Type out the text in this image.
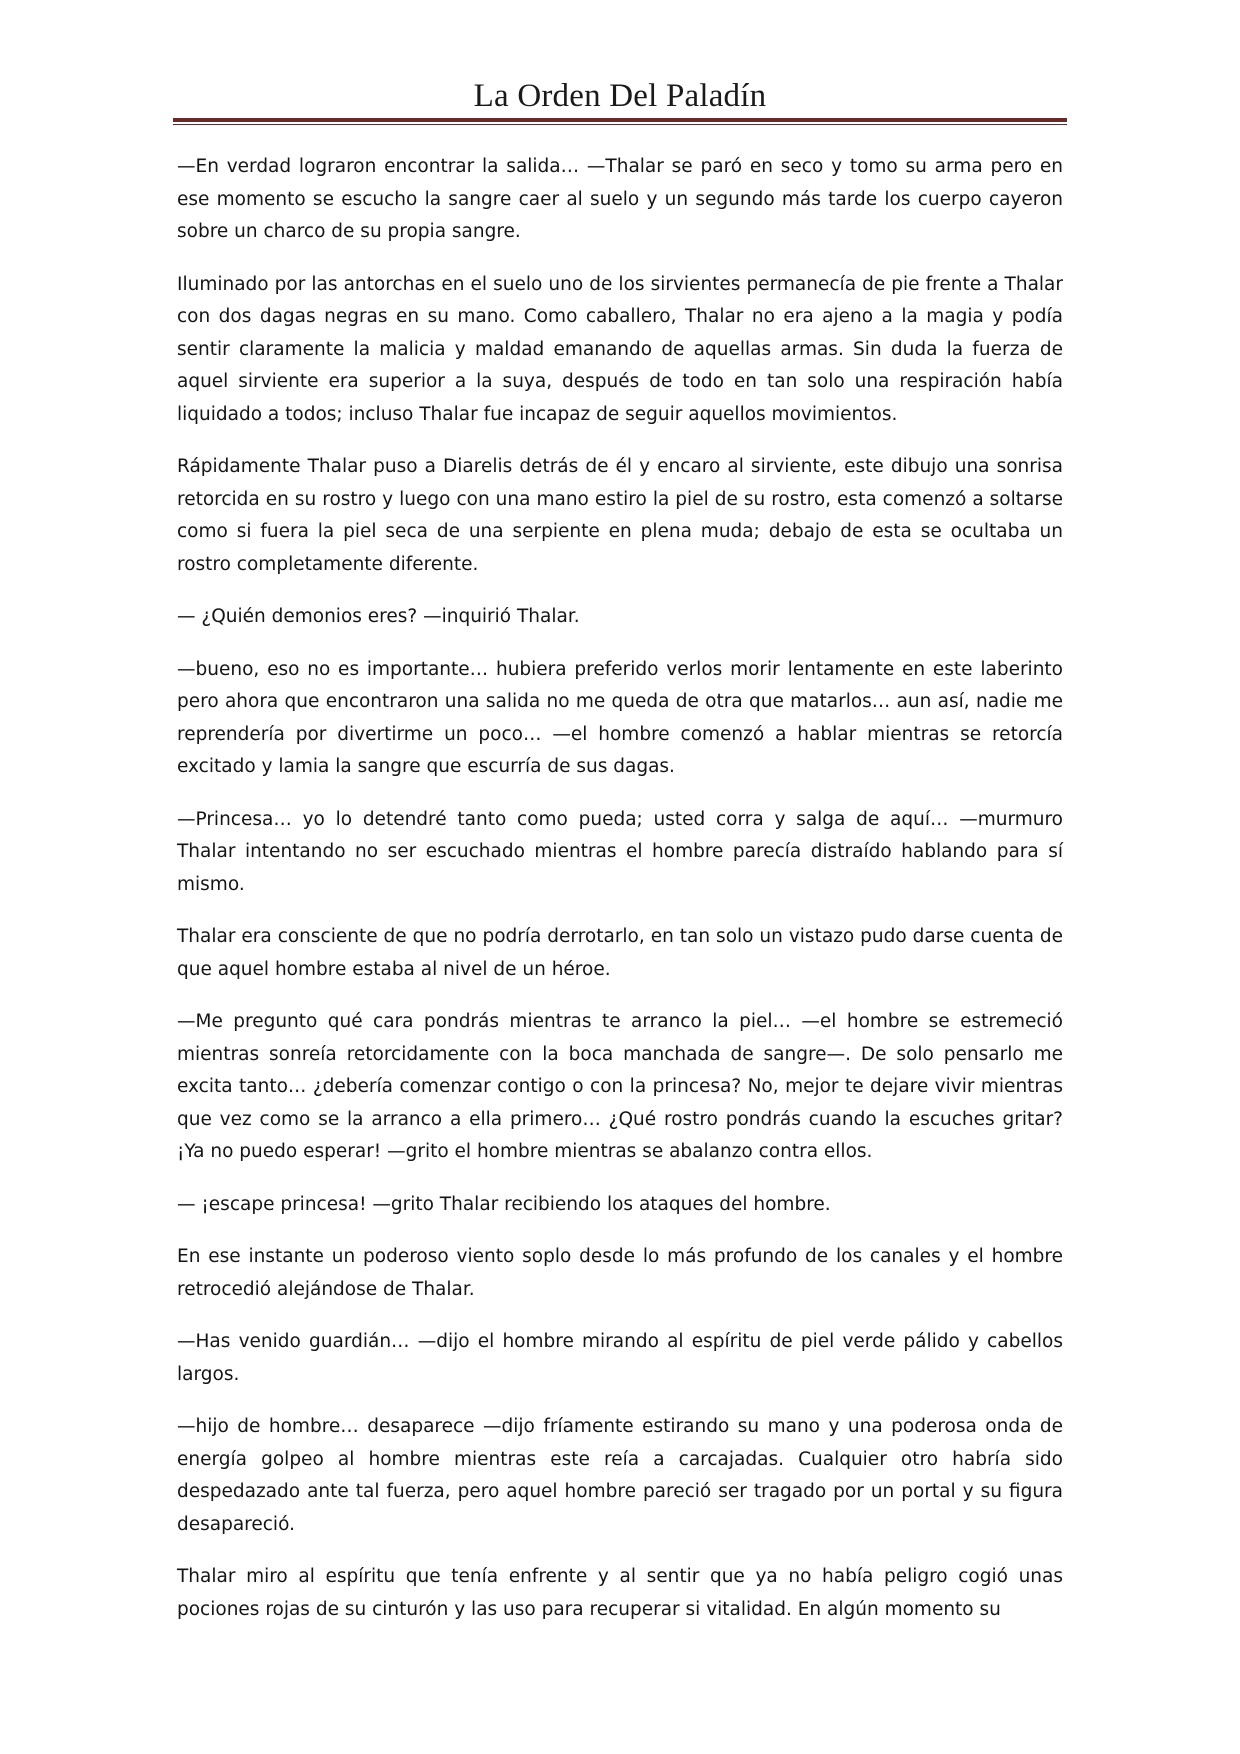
La Orden Del Paladín

—En verdad lograron encontrar la salida… —Thalar se paró en seco y tomo su arma pero en ese momento se escucho la sangre caer al suelo y un segundo más tarde los cuerpo cayeron sobre un charco de su propia sangre.

Iluminado por las antorchas en el suelo uno de los sirvientes permanecía de pie frente a Thalar con dos dagas negras en su mano. Como caballero, Thalar no era ajeno a la magia y podía sentir claramente la malicia y maldad emanando de aquellas armas. Sin duda la fuerza de aquel sirviente era superior a la suya, después de todo en tan solo una respiración había liquidado a todos; incluso Thalar fue incapaz de seguir aquellos movimientos.

Rápidamente Thalar puso a Diarelis detrás de él y encaro al sirviente, este dibujo una sonrisa retorcida en su rostro y luego con una mano estiro la piel de su rostro, esta comenzó a soltarse como si fuera la piel seca de una serpiente en plena muda; debajo de esta se ocultaba un rostro completamente diferente.

— ¿Quién demonios eres? —inquirió Thalar.

—bueno, eso no es importante… hubiera preferido verlos morir lentamente en este laberinto pero ahora que encontraron una salida no me queda de otra que matarlos… aun así, nadie me reprendería por divertirme un poco… —el hombre comenzó a hablar mientras se retorcía excitado y lamia la sangre que escurría de sus dagas.

—Princesa… yo lo detendré tanto como pueda; usted corra y salga de aquí… —murmuro Thalar intentando no ser escuchado mientras el hombre parecía distraído hablando para sí mismo.

Thalar era consciente de que no podría derrotarlo, en tan solo un vistazo pudo darse cuenta de que aquel hombre estaba al nivel de un héroe.

—Me pregunto qué cara pondrás mientras te arranco la piel… —el hombre se estremeció mientras sonreía retorcidamente con la boca manchada de sangre—. De solo pensarlo me excita tanto… ¿debería comenzar contigo o con la princesa? No, mejor te dejare vivir mientras que vez como se la arranco a ella primero… ¿Qué rostro pondrás cuando la escuches gritar? ¡Ya no puedo esperar! —grito el hombre mientras se abalanzo contra ellos.

— ¡escape princesa! —grito Thalar recibiendo los ataques del hombre.

En ese instante un poderoso viento soplo desde lo más profundo de los canales y el hombre retrocedió alejándose de Thalar.

—Has venido guardián… —dijo el hombre mirando al espíritu de piel verde pálido y cabellos largos.

—hijo de hombre… desaparece —dijo fríamente estirando su mano y una poderosa onda de energía golpeo al hombre mientras este reía a carcajadas. Cualquier otro habría sido despedazado ante tal fuerza, pero aquel hombre pareció ser tragado por un portal y su figura desapareció.

Thalar miro al espíritu que tenía enfrente y al sentir que ya no había peligro cogió unas pociones rojas de su cinturón y las uso para recuperar si vitalidad. En algún momento su
